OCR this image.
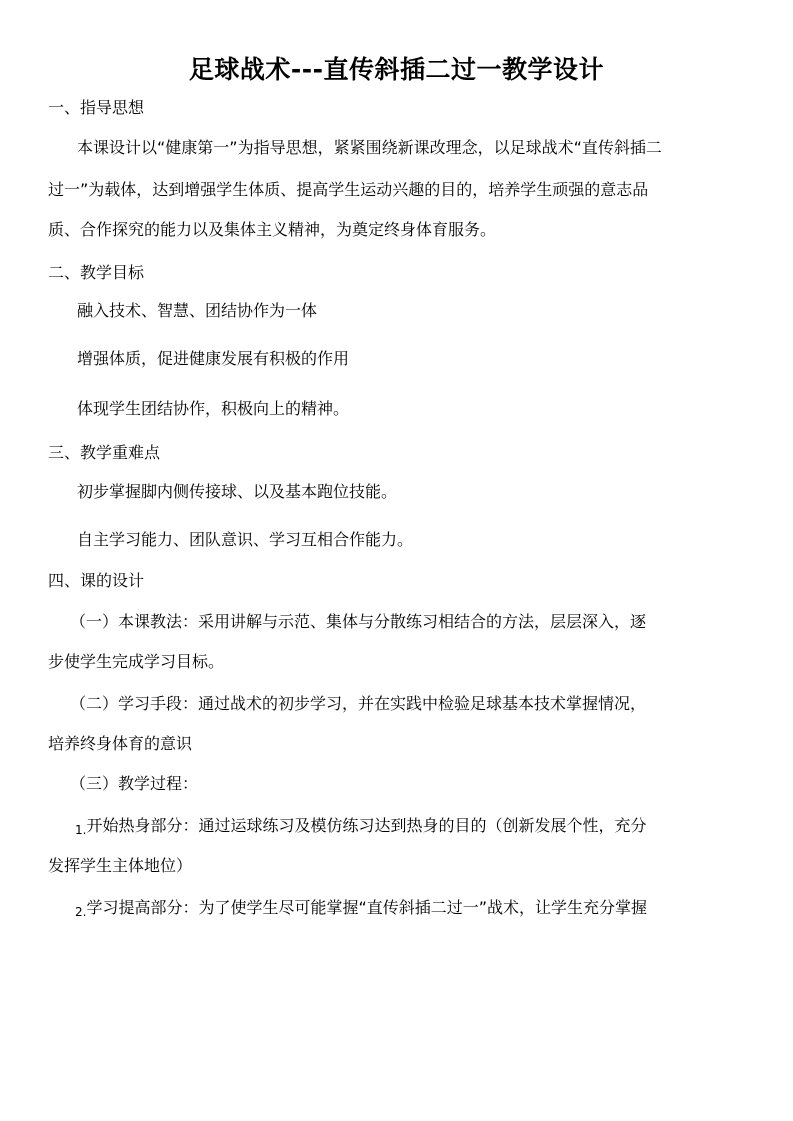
足球战术---直传斜插二过一教学设计
一、指导思想
本课设计以“健康第一”为指导思想，紧紧围绕新课改理念，以足球战术“直传斜插二
过一”为载体，达到增强学生体质、提高学生运动兴趣的目的，培养学生顽强的意志品
质、合作探究的能力以及集体主义精神，为奠定终身体育服务。
二、教学目标
融入技术、智慧、团结协作为一体
增强体质，促进健康发展有积极的作用
体现学生团结协作，积极向上的精神。
三、教学重难点
初步掌握脚内侧传接球、以及基本跑位技能。
自主学习能力、团队意识、学习互相合作能力。
四、课的设计
（一）本课教法：采用讲解与示范、集体与分散练习相结合的方法，层层深入，逐
步使学生完成学习目标。
（二）学习手段：通过战术的初步学习，并在实践中检验足球基本技术掌握情况，
培养终身体育的意识
（三）教学过程：
1.开始热身部分：通过运球练习及模仿练习达到热身的目的（创新发展个性，充分
发挥学生主体地位）
2.学习提高部分：为了使学生尽可能掌握“直传斜插二过一”战术，让学生充分掌握
